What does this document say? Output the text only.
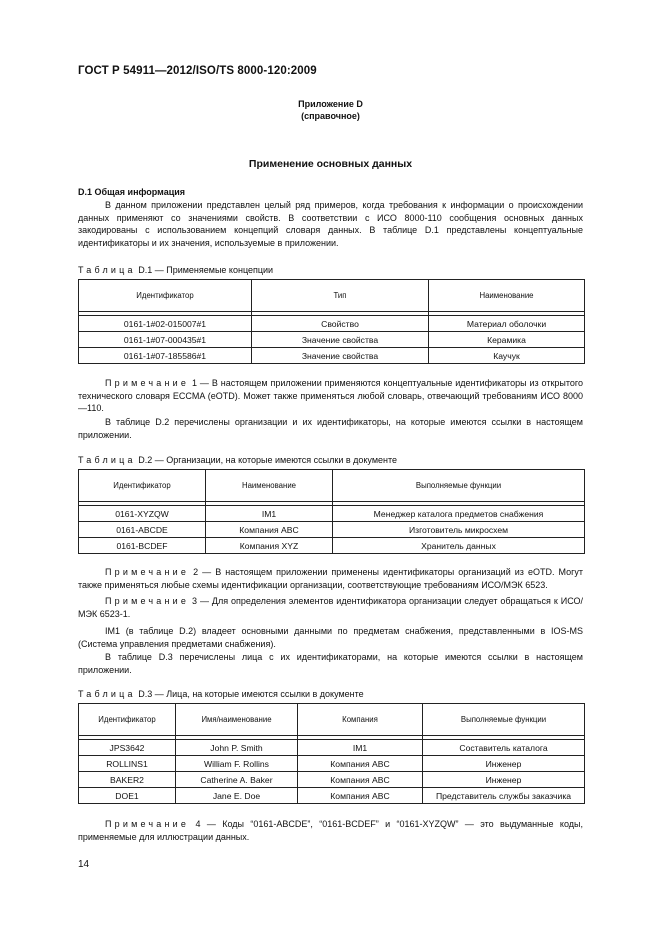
ГОСТ Р 54911—2012/ISO/TS 8000-120:2009
Приложение D
(справочное)
Применение основных данных
D.1 Общая информация
В данном приложении представлен целый ряд примеров, когда требования к информации о происхождении данных применяют со значениями свойств. В соответствии с ИСО 8000-110 сообщения основных данных закодированы с использованием концепций словаря данных. В таблице D.1 представлены концептуальные идентификаторы и их значения, используемые в приложении.
Таблица D.1 — Применяемые концепции
Идентификатор	Тип	Наименование

0161-1#02-015007#1	Свойство	Материал оболочки
0161-1#07-000435#1	Значение свойства	Керамика
0161-1#07-185586#1	Значение свойства	Каучук
Примечание 1 — В настоящем приложении применяются концептуальные идентификаторы из открытого технического словаря ECCMA (eOTD). Может также применяться любой словарь, отвечающий требованиям ИСО 8000—110.
В таблице D.2 перечислены организации и их идентификаторы, на которые имеются ссылки в настоящем приложении.
Таблица D.2 — Организации, на которые имеются ссылки в документе
Идентификатор	Наименование	Выполняемые функции

0161-XYZQW	IM1	Менеджер каталога предметов снабжения
0161-ABCDE	Компания ABC	Изготовитель микросхем
0161-BCDEF	Компания XYZ	Хранитель данных
Примечание 2 — В настоящем приложении применены идентификаторы организаций из eOTD. Могут также применяться любые схемы идентификации организации, соответствующие требованиям ИСО/МЭК 6523.
Примечание 3 — Для определения элементов идентификатора организации следует обращаться к ИСО/МЭК 6523-1.
IM1 (в таблице D.2) владеет основными данными по предметам снабжения, представленными в IOS-MS (Система управления предметами снабжения).
В таблице D.3 перечислены лица с их идентификаторами, на которые имеются ссылки в настоящем приложении.
Таблица D.3 — Лица, на которые имеются ссылки в документе
Идентификатор	Имя/наименование	Компания	Выполняемые функции

JPS3642	John P. Smith	IM1	Составитель каталога
ROLLINS1	William F. Rollins	Компания ABC	Инженер
BAKER2	Catherine A. Baker	Компания ABC	Инженер
DOE1	Jane E. Doe	Компания ABC	Представитель службы заказчика
Примечание 4 — Коды “0161-ABCDE”, “0161-BCDEF” и “0161-XYZQW” — это выдуманные коды, применяемые для иллюстрации данных.
14
